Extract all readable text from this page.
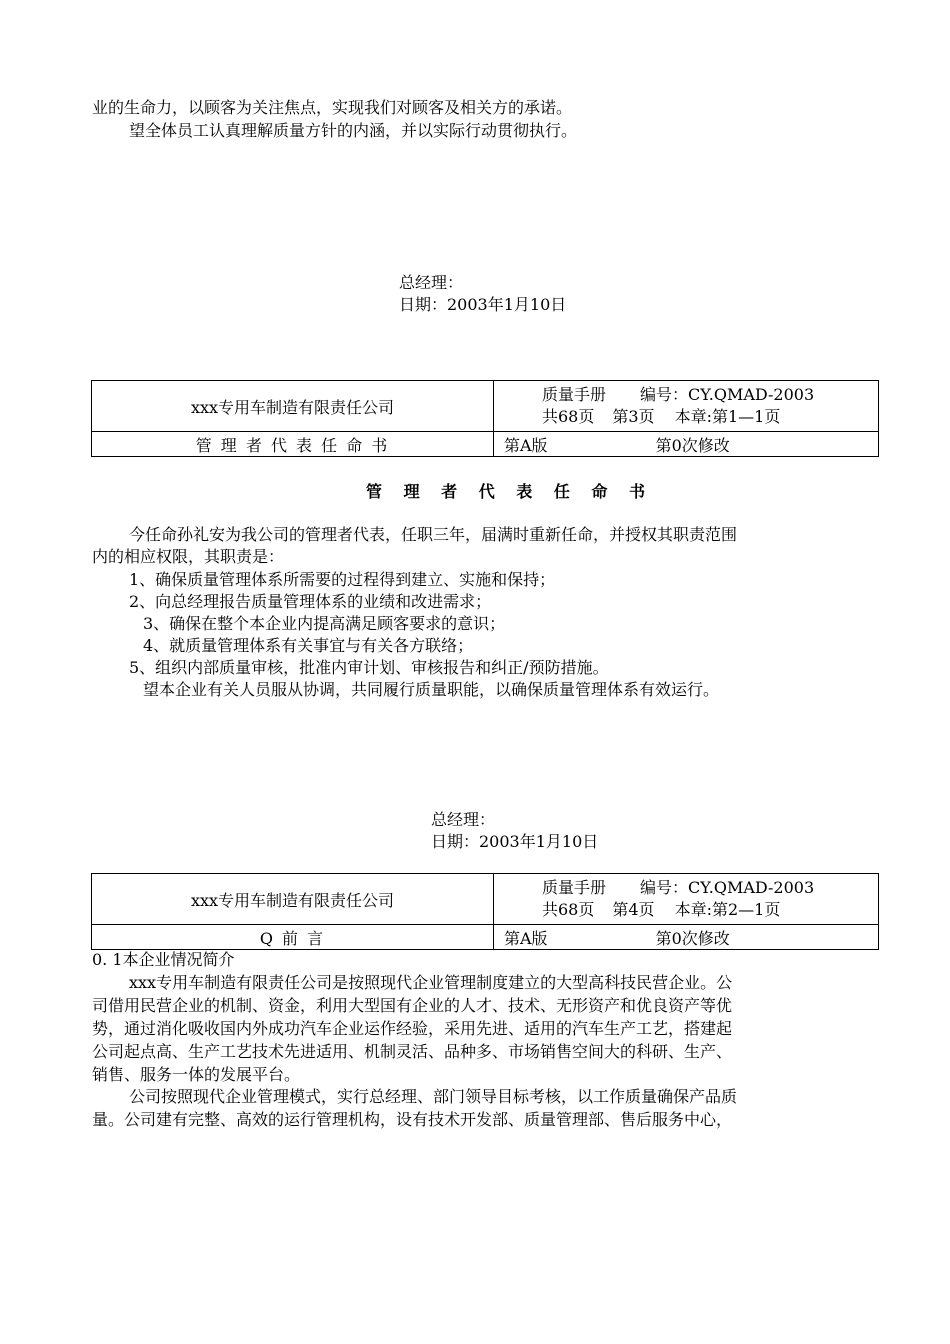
业的生命力，以顾客为关注焦点，实现我们对顾客及相关方的承诺。
望全体员工认真理解质量方针的内涵，并以实际行动贯彻执行。
总经理：
日期：2003年1月10日
xxx专用车制造有限责任公司	质量手册 编号：CY.QMAD-2003
共68页 第3页 本章:第1—1页

管 理 者 代 表 任 命 书	第A版 第0次修改
管 理 者 代 表 任 命 书
今任命孙礼安为我公司的管理者代表，任职三年，届满时重新任命，并授权其职责范围
内的相应权限，其职责是：
1、确保质量管理体系所需要的过程得到建立、实施和保持；
2、向总经理报告质量管理体系的业绩和改进需求；
3、确保在整个本企业内提高满足顾客要求的意识；
4、就质量管理体系有关事宜与有关各方联络；
5、组织内部质量审核，批准内审计划、审核报告和纠正/预防措施。
望本企业有关人员服从协调，共同履行质量职能，以确保质量管理体系有效运行。
总经理：
日期：2003年1月10日
xxx专用车制造有限责任公司	质量手册 编号：CY.QMAD-2003
共68页 第4页 本章:第2—1页

Q 前 言	第A版 第0次修改
0. 1本企业情况简介
xxx专用车制造有限责任公司是按照现代企业管理制度建立的大型高科技民营企业。公
司借用民营企业的机制、资金，利用大型国有企业的人才、技术、无形资产和优良资产等优
势，通过消化吸收国内外成功汽车企业运作经验，采用先进、适用的汽车生产工艺，搭建起
公司起点高、生产工艺技术先进适用、机制灵活、品种多、市场销售空间大的科研、生产、
销售、服务一体的发展平台。
公司按照现代企业管理模式，实行总经理、部门领导目标考核，以工作质量确保产品质
量。公司建有完整、高效的运行管理机构，设有技术开发部、质量管理部、售后服务中心，
